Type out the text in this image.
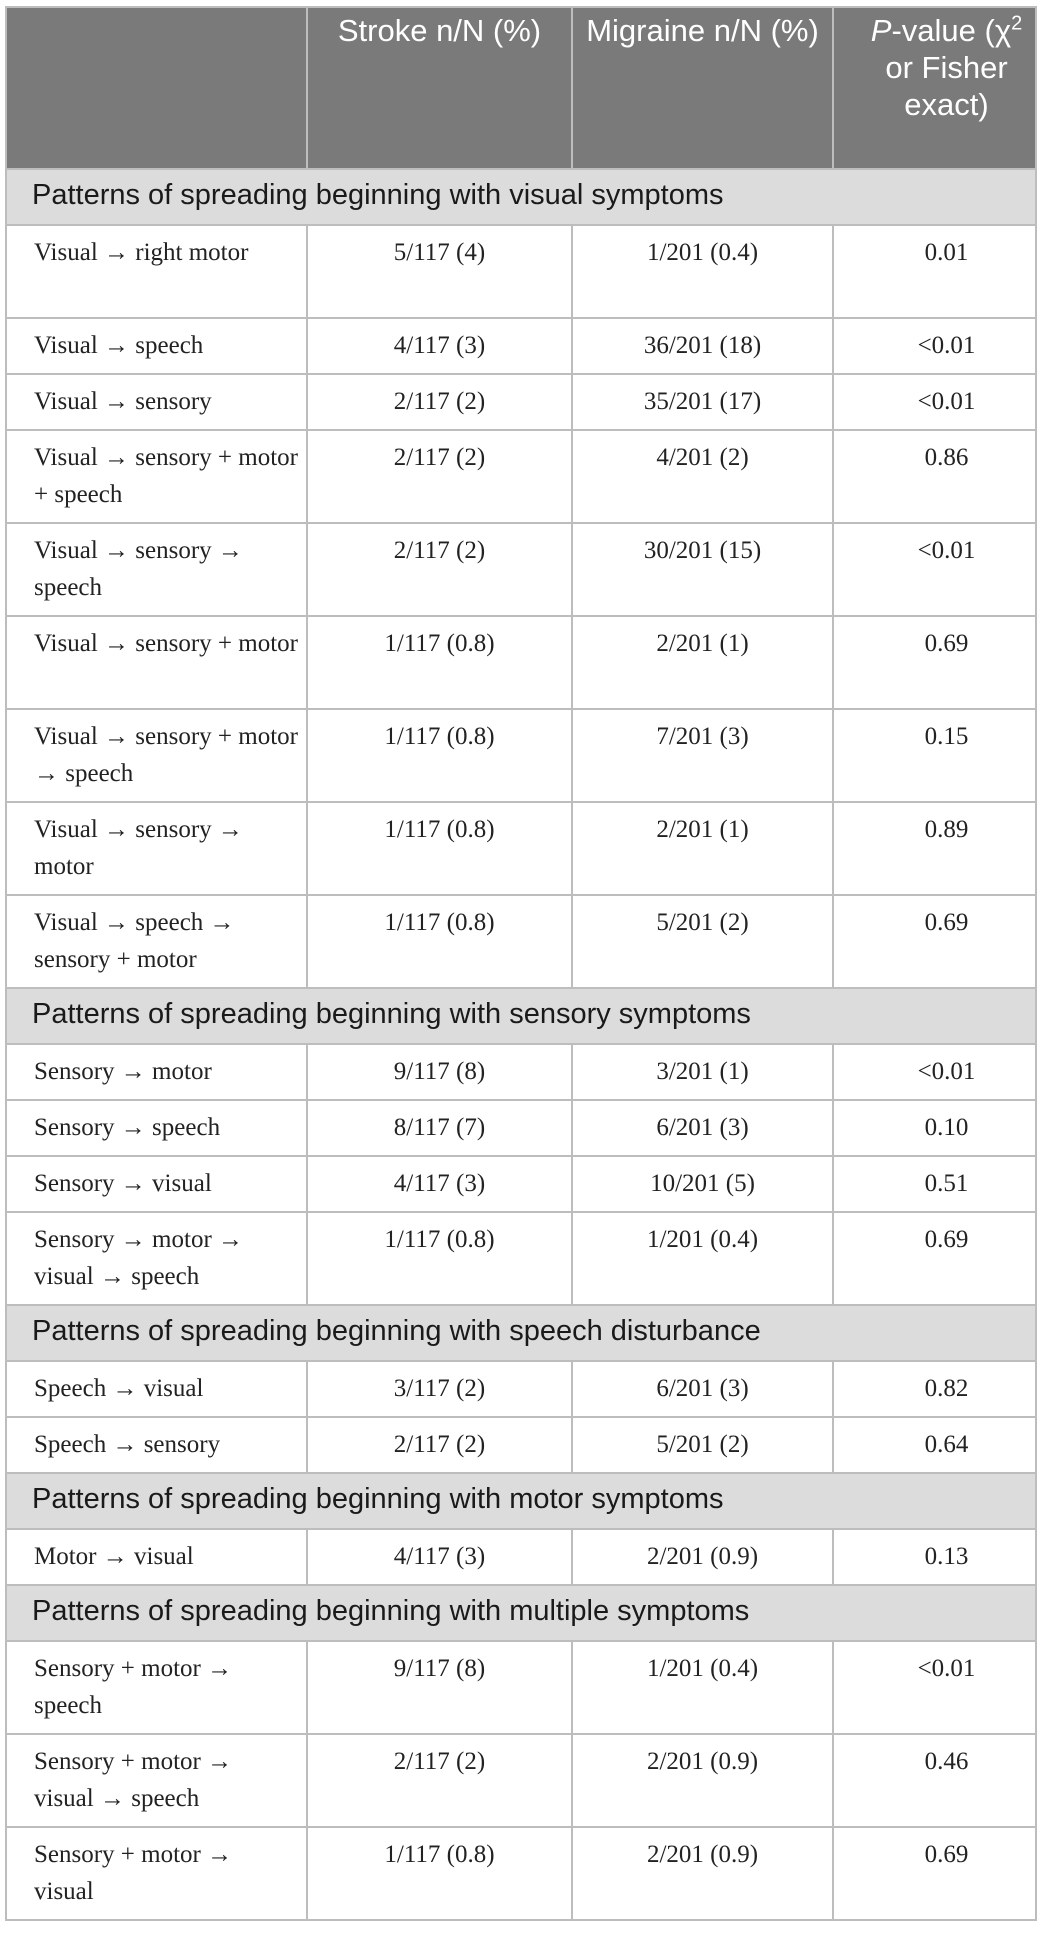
	Stroke n/N (%)	Migraine n/N (%)	P-value ($\chi^2$ or Fisher exact)
Patterns of spreading beginning with visual symptoms			
Visual → right motor	5/117 (4)	1/201 (0.4)	0.01
Visual → speech	4/117 (3)	36/201 (18)	<0.01
Visual → sensory	2/117 (2)	35/201 (17)	<0.01
Visual → sensory + motor + speech	2/117 (2)	4/201 (2)	0.86
Visual → sensory → speech	2/117 (2)	30/201 (15)	<0.01
Visual → sensory + motor	1/117 (0.8)	2/201 (1)	0.69
Visual → sensory + motor → speech	1/117 (0.8)	7/201 (3)	0.15
Visual → sensory → motor	1/117 (0.8)	2/201 (1)	0.89
Visual → speech → sensory + motor	1/117 (0.8)	5/201 (2)	0.69
Patterns of spreading beginning with sensory symptoms			
Sensory → motor	9/117 (8)	3/201 (1)	<0.01
Sensory → speech	8/117 (7)	6/201 (3)	0.10
Sensory → visual	4/117 (3)	10/201 (5)	0.51
Sensory → motor → visual → speech	1/117 (0.8)	1/201 (0.4)	0.69
Patterns of spreading beginning with speech disturbance			
Speech → visual	3/117 (2)	6/201 (3)	0.82
Speech → sensory	2/117 (2)	5/201 (2)	0.64
Patterns of spreading beginning with motor symptoms			
Motor → visual	4/117 (3)	2/201 (0.9)	0.13
Patterns of spreading beginning with multiple symptoms			
Sensory + motor → speech	9/117 (8)	1/201 (0.4)	<0.01
Sensory + motor → visual → speech	2/117 (2)	2/201 (0.9)	0.46
Sensory + motor → visual	1/117 (0.8)	2/201 (0.9)	0.69
